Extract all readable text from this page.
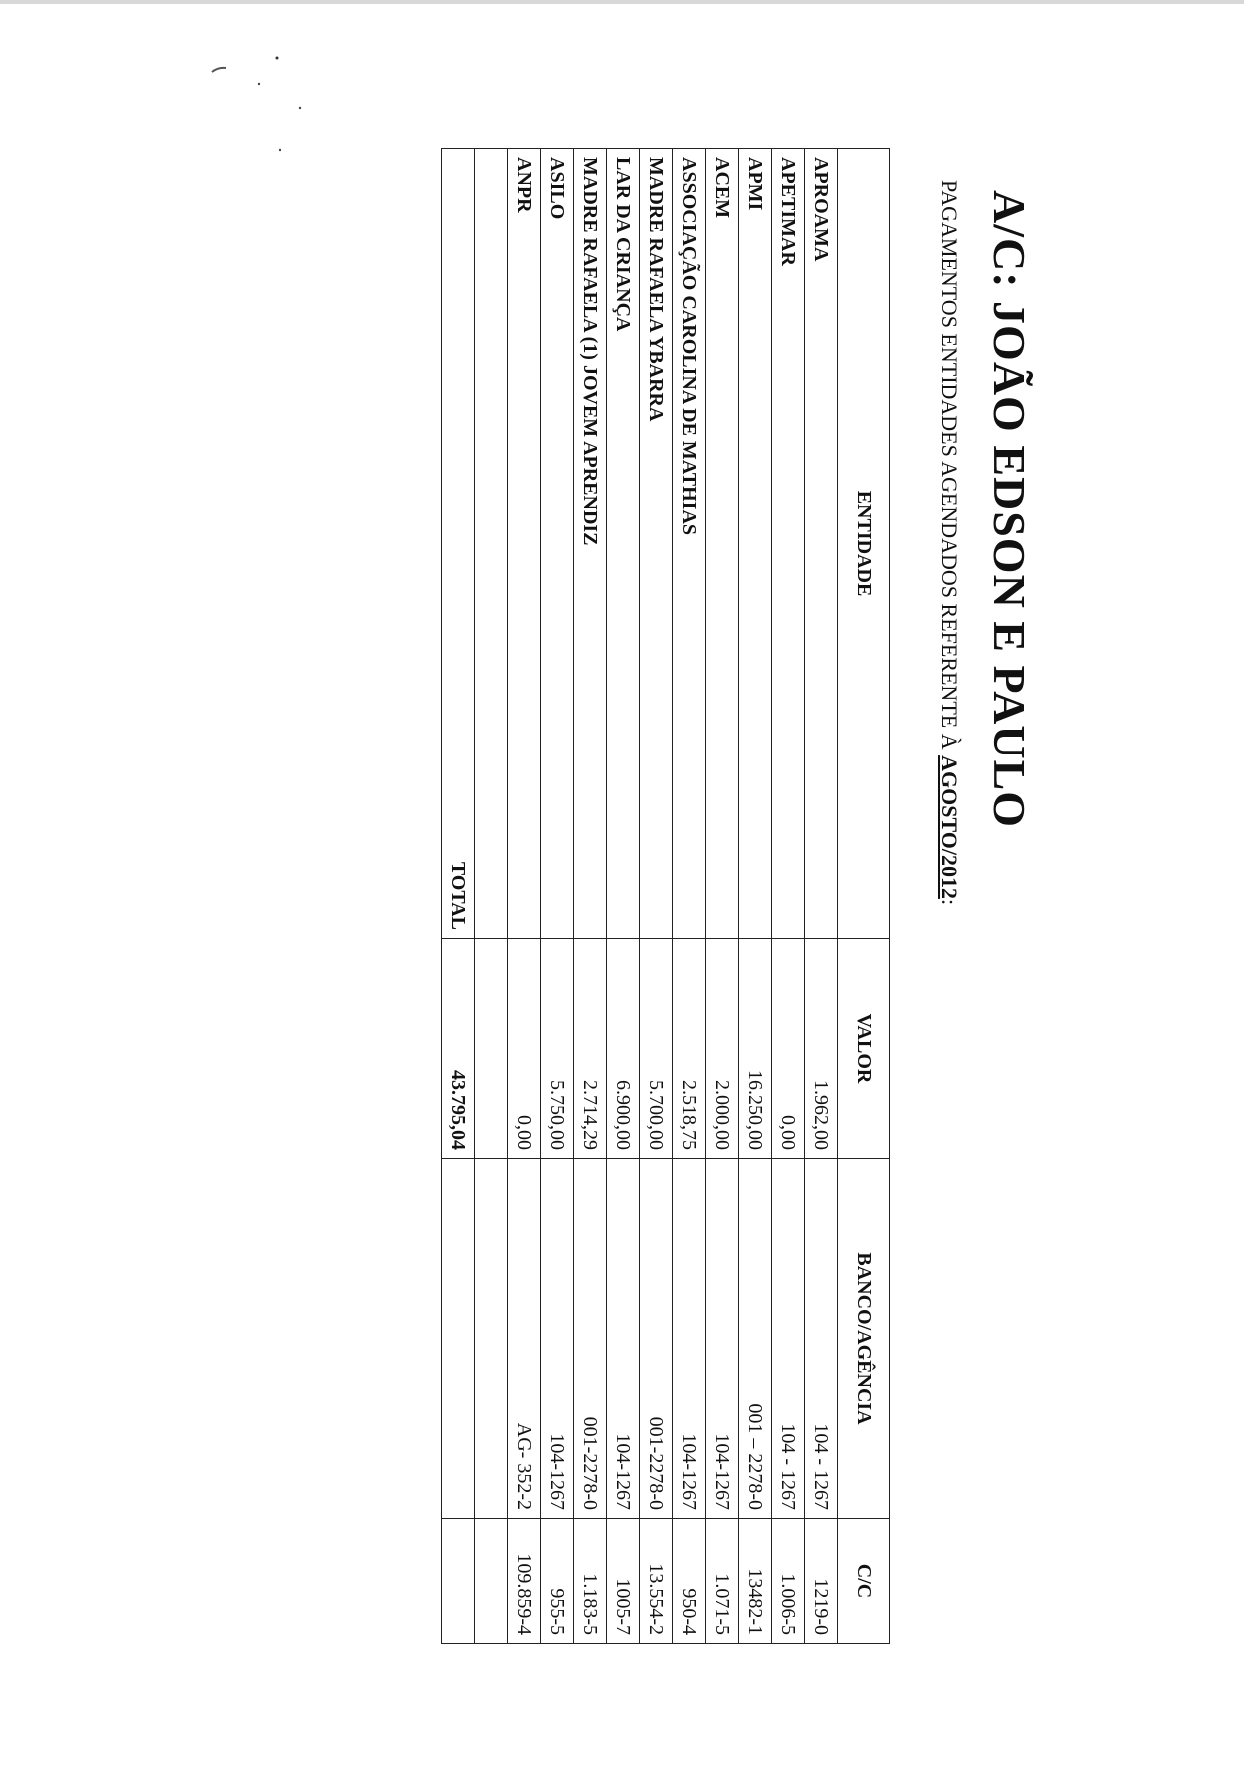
A/C: JOÃO EDSON E PAULO
PAGAMENTOS ENTIDADES AGENDADOS REFERENTE À AGOSTO/2012:
ENTIDADE	VALOR	BANCO/AGÊNCIA	C/C
APROAMA	1.962,00	104 - 1267	1219-0
APETIMAR	0,00	104 - 1267	1.006-5
APMI	16.250,00	001 – 2278-0	13482-1
ACEM	2.000,00	104-1267	1.071-5
ASSOCIAÇÃO CAROLINA DE MATHIAS	2.518,75	104-1267	950-4
MADRE RAFAELA YBARRA	5.700,00	001-2278-0	13.554-2
LAR DA CRIANÇA	6.900,00	104-1267	1005-7
MADRE RAFAELA (1) JOVEM APRENDIZ	2.714,29	001-2278-0	1.183-5
ASILO	5.750,00	104-1267	955-5
ANPR	0,00	AG- 352-2	109.859-4

TOTAL	43.795,04		
